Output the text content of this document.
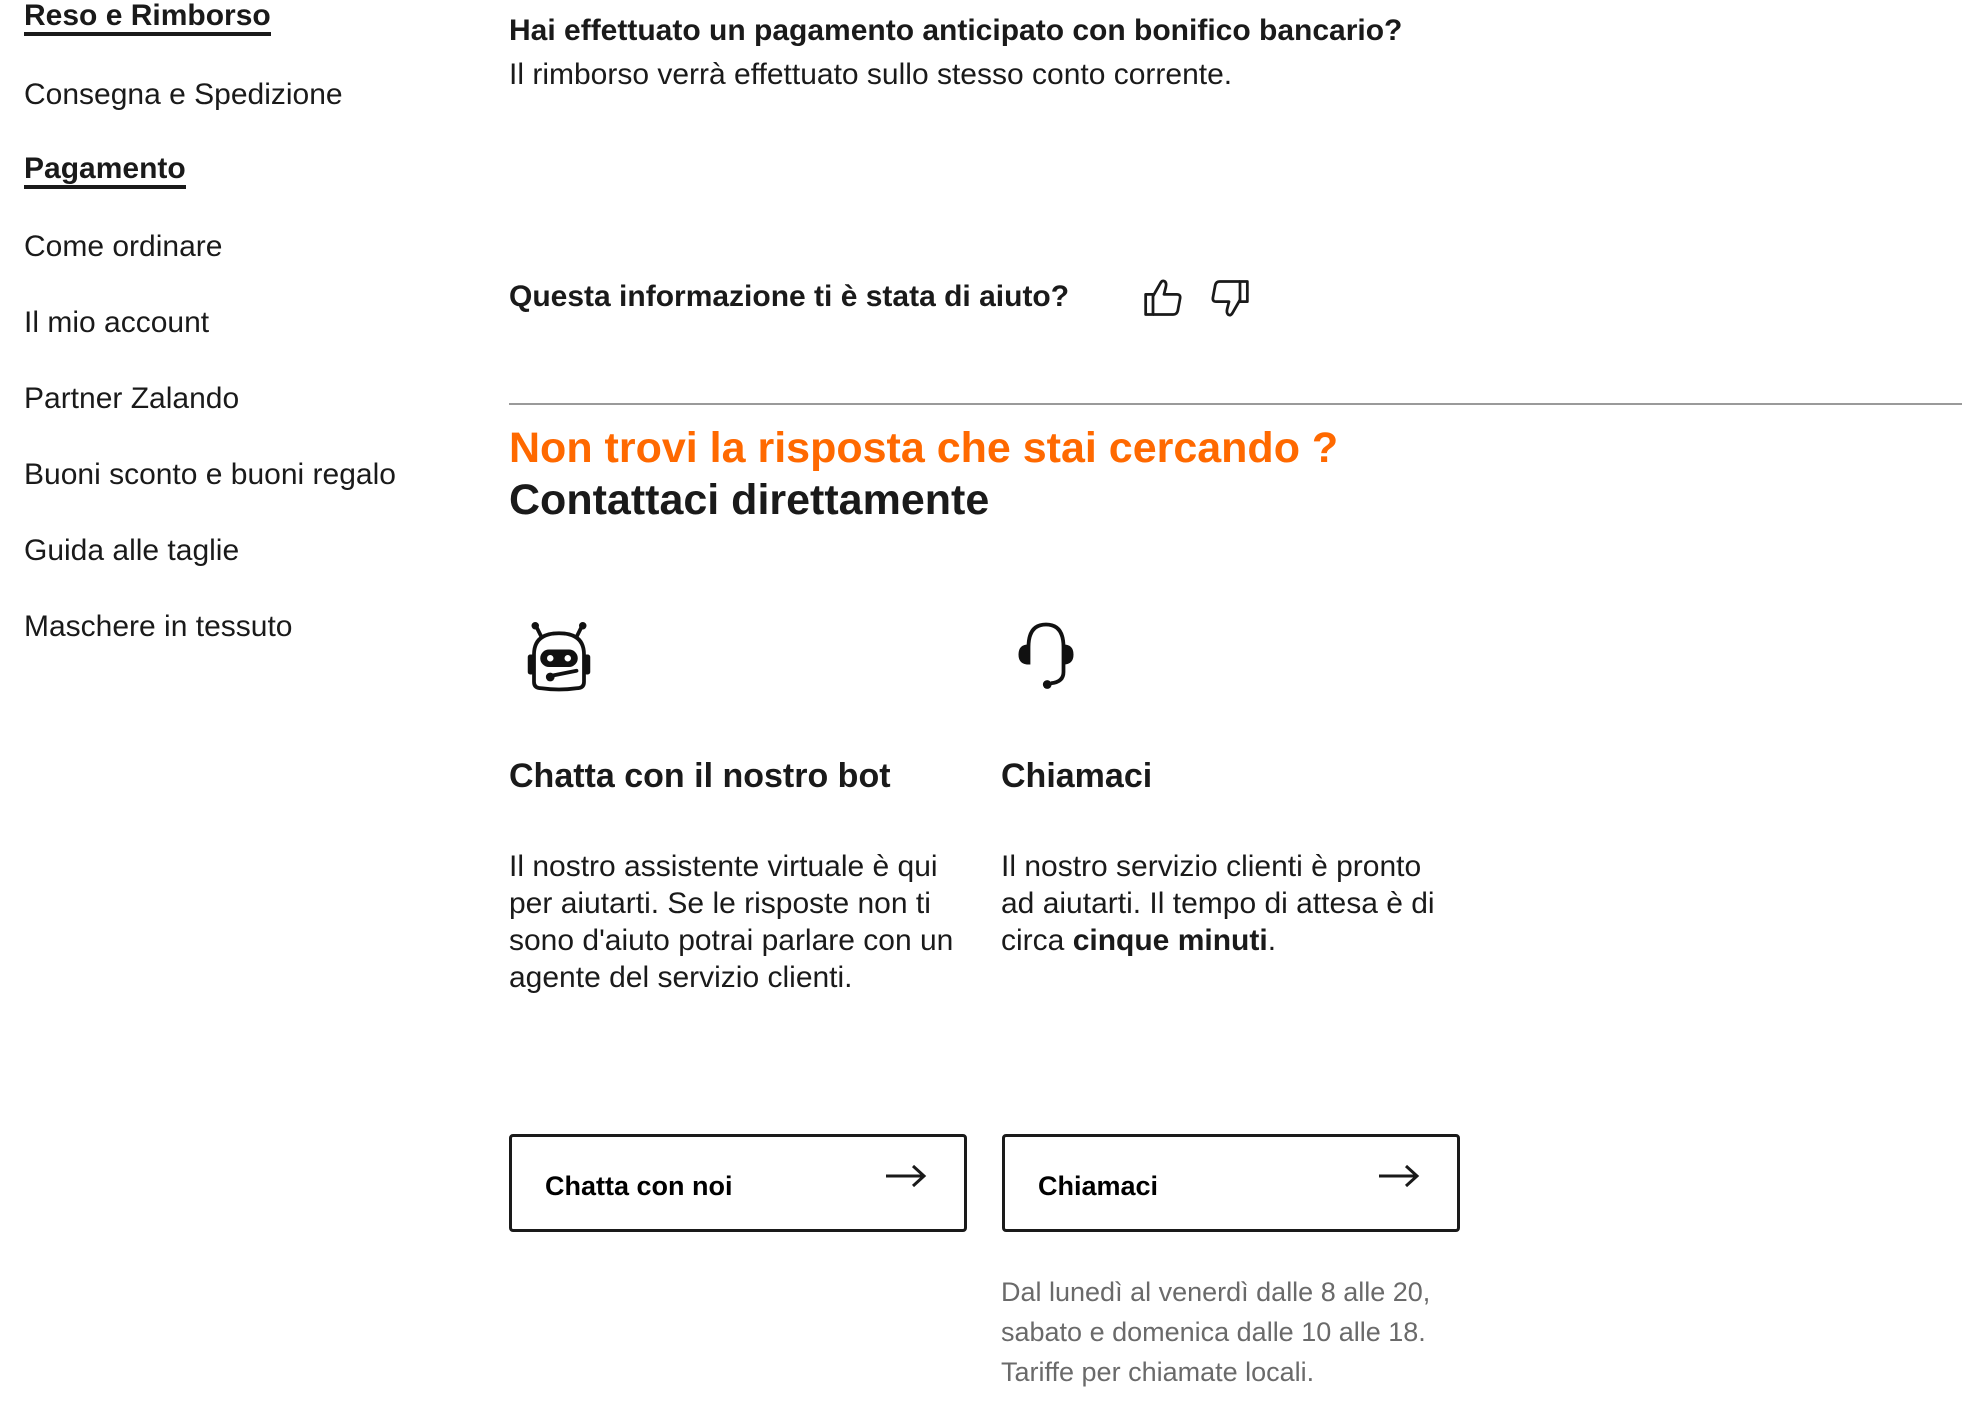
Reso e Rimborso
Consegna e Spedizione
Pagamento
Come ordinare
Il mio account
Partner Zalando
Buoni sconto e buoni regalo
Guida alle taglie
Maschere in tessuto
Hai effettuato un pagamento anticipato con bonifico bancario?
Il rimborso verrà effettuato sullo stesso conto corrente.
Questa informazione ti è stata di aiuto?
Non trovi la risposta che stai cercando ?
Contattaci direttamente
Chatta con il nostro bot	Chiamaci
Il nostro assistente virtuale è qui per aiutarti. Se le risposte non ti sono d'aiuto potrai parlare con un agente del servizio clienti.
Il nostro servizio clienti è pronto ad aiutarti. Il tempo di attesa è di circa cinque minuti.
Chatta con noi	Chiamaci
Dal lunedì al venerdì dalle 8 alle 20,
sabato e domenica dalle 10 alle 18.
Tariffe per chiamate locali.
